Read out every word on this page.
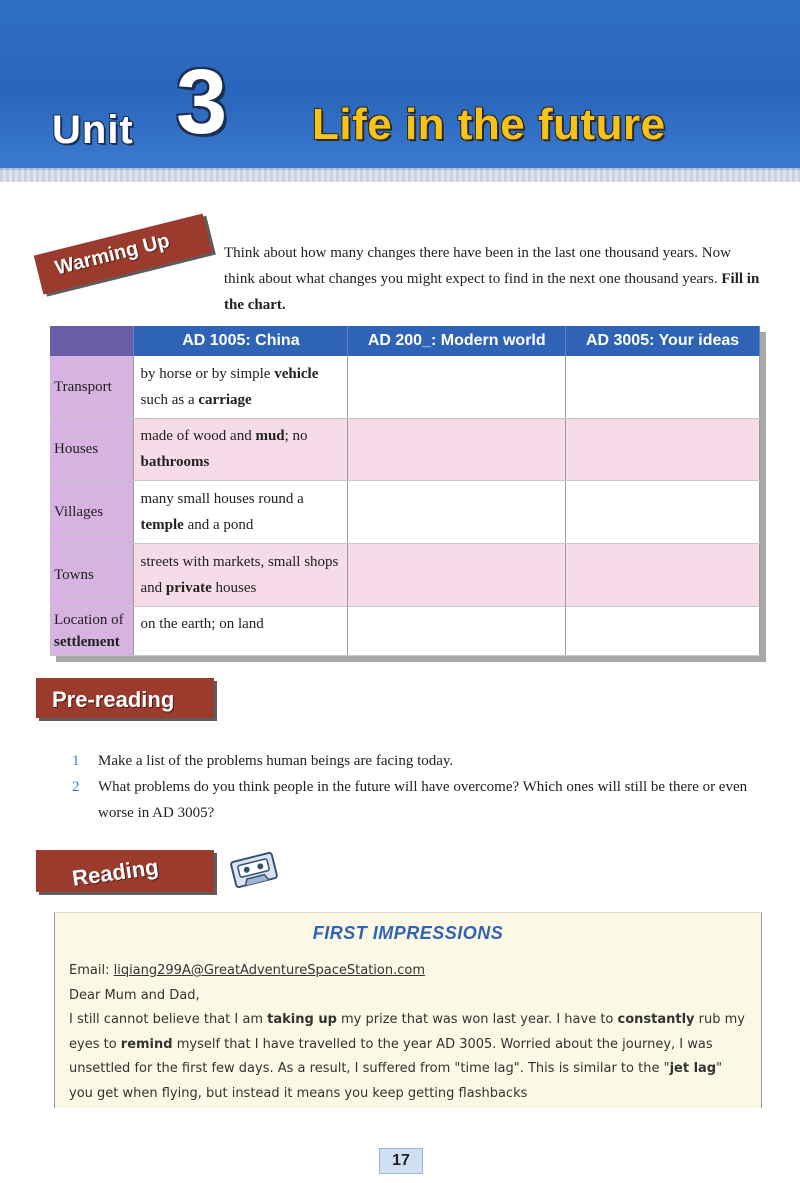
Unit 3 Life in the future
Warming Up	Think about how many changes there have been in the last one thousand years. Now think about what changes you might expect to find in the next one thousand years. Fill in the chart.
	AD 1005: China	AD 200_: Modern world	AD 3005: Your ideas
Transport	by horse or by simple vehicle such as a carriage		
Houses	made of wood and mud; no bathrooms		
Villages	many small houses round a temple and a pond		
Towns	streets with markets, small shops and private houses		
Location of settlement	on the earth; on land		
Pre-reading
1 Make a list of the problems human beings are facing today.
2 What problems do you think people in the future will have overcome? Which ones will still be there or even worse in AD 3005?
Reading
FIRST IMPRESSIONS
Email: liqiang299A@GreatAdventureSpaceStation.com
Dear Mum and Dad,
I still cannot believe that I am taking up my prize that was won last year. I have to constantly rub my eyes to remind myself that I have travelled to the year AD 3005. Worried about the journey, I was unsettled for the first few days. As a result, I suffered from "time lag". This is similar to the "jet lag" you get when flying, but instead it means you keep getting flashbacks
17
